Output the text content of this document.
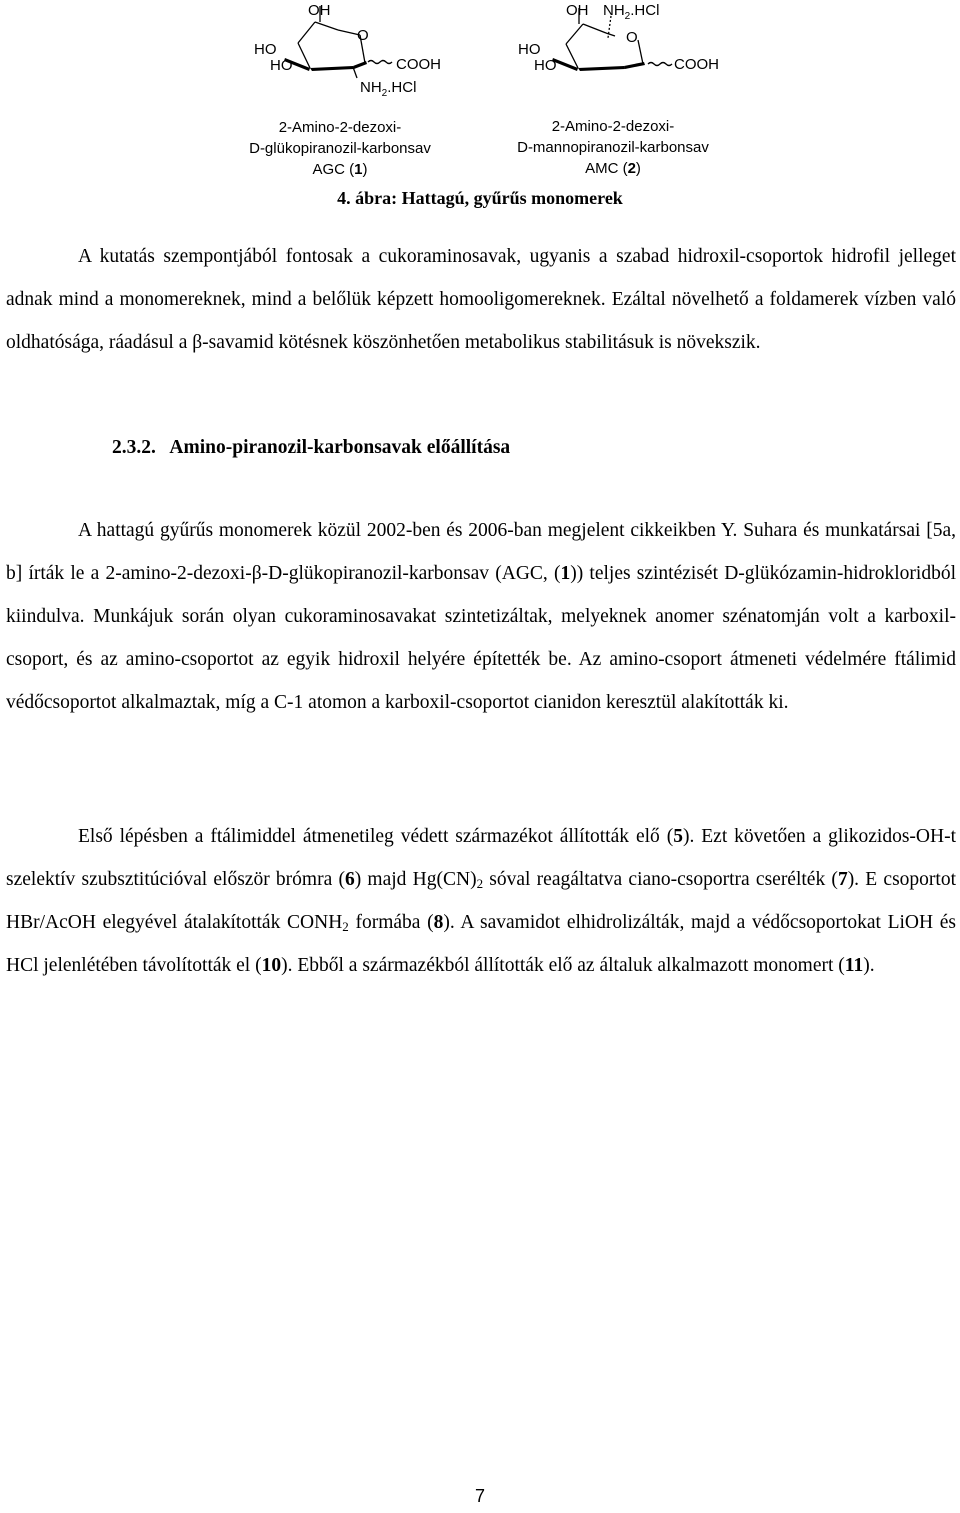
OH
HO
HO
O
COOH
$NH_2.HCl$
OH $NH_2.HCl$
HO
HO
O
COOH
2-Amino-2-dezoxi-
D-glükopiranozil-karbonsav
AGC (1)
2-Amino-2-dezoxi-
D-mannopiranozil-karbonsav
AMC (2)
4. ábra: Hattagú, gyűrűs monomerek

A kutatás szempontjából fontosak a cukoraminosavak, ugyanis a szabad hidroxil-csoportok hidrofil jelleget adnak mind a monomereknek, mind a belőlük képzett homooligomereknek. Ezáltal növelhető a foldamerek vízben való oldhatósága, ráadásul a β-savamid kötésnek köszönhetően metabolikus stabilitásuk is növekszik.

2.3.2.   Amino-piranozil-karbonsavak előállítása

A hattagú gyűrűs monomerek közül 2002-ben és 2006-ban megjelent cikkeikben Y. Suhara és munkatársai [5a, b] írták le a 2-amino-2-dezoxi-β-D-glükopiranozil-karbonsav (AGC, (1)) teljes szintézisét D-glükózamin-hidrokloridból kiindulva. Munkájuk során olyan cukoraminosavakat szintetizáltak, melyeknek anomer szénatomján volt a karboxil-csoport, és az amino-csoportot az egyik hidroxil helyére építették be. Az amino-csoport átmeneti védelmére ftálimid védőcsoportot alkalmaztak, míg a C-1 atomon a karboxil-csoportot cianidon keresztül alakították ki.

Első lépésben a ftálimiddel átmenetileg védett származékot állították elő (5). Ezt követően a glikozidos-OH-t szelektív szubsztitúcióval először brómra (6) majd $Hg(CN)_2$ sóval reagáltatva ciano-csoportra cserélték (7). E csoportot HBr/AcOH elegyével átalakították $CONH_2$ formába (8). A savamidot elhidrolizálták, majd a védőcsoportokat LiOH és HCl jelenlétében távolították el (10). Ebből a származékból állították elő az általuk alkalmazott monomert (11).

7
